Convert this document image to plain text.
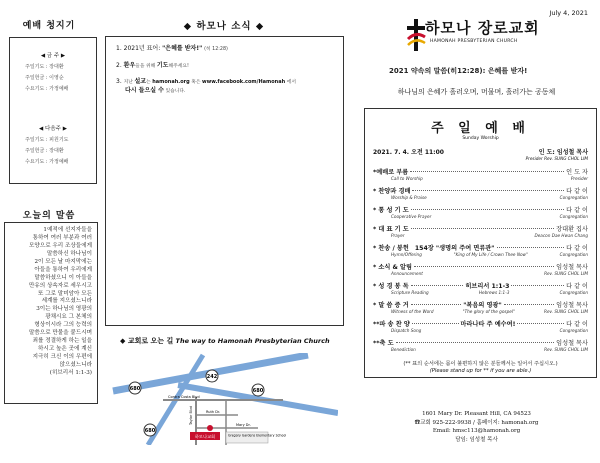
예배 청지기
◀ 금 주 ▶
주일기도 : 장대환
주일헌금 : 이영순
수요기도 : 가정예배
◀ 다음주 ▶
주일기도 : 피원기도
주일헌금 : 장대환
수요기도 : 가정예배
오늘의 말씀
1예적에 선지자들을
통하여 여러 부분과 여러
모양으로 우리 조상들에게
말씀하신 하나님이
2이 모든 날 마지막에는
아들을 통하여 우리에게
말씀하셨으니 이 아들을
만유의 상속자로 세우시고
또 그로 말미암아 모든
세계를 지으셨느니라
3이는 하나님의 영광의
광채시요 그 본체의
형상이시라 그의 능력의
말씀으로 만물을 붙드시며
죄를 정결하게 하는 일을
하시고 높은 곳에 계신
지극히 크신 이의 우편에
앉으셨느니라
(히브리서 1:1-3)
◆ 하모나 소식 ◆
1. 2021년 표어: "은혜를 받자!" (히 12:28)
2. 환우들을 위해 기도해주세요!
3. 지난 설교는 hamonah.org 혹은 www.facebook.com/Hamonah 에서
다시 들으실 수 있습니다.
◆ 교회로 오는 길 The way to Hamonah Presbyterian Church
680
242
680
680
Contra Costa Blvd
Taylor Blvd	Ruth Dr.
Mary Dr.
하모나교회	Gregory Gardens Elementary School
July 4, 2021
하모나 장로교회
HAMONAH PRESBYTERIAN CHURCH
2021 약속의 말씀(히12:28): 은혜를 받자!
하나님의 은혜가 흘러오며, 머물며, 흘러가는 공동체
주 일 예 배
Sunday Worship
2021. 7. 4. 오전 11:00	인 도: 임성철 목사
Presider Rev. SUNG CHOL LIM
*예배로 부름	인 도 자
Call to Worship	Presider
* 찬양과 경배	다 같 이
Worship & Praise	Congregation
* 통 성 기 도	다 같 이
Cooperative Prayer	Congregation
* 대 표 기 도	장대환 집사
Prayer	Deacon Dae Hwan Chang
* 찬송 / 봉헌 154장 "생명의 주여 면류관"	다 같 이
Hymn/Offering	"King of My Life / Crown Thee Now"	Congregation
* 소식 & 알림	임성철 목사
Announcement	Rev. SUNG CHOL LIM
* 성 경 봉 독	히브리서 1:1-3	다 같 이
Scripture Reading	Hebrews 1:1-3	Congregation
* 말 씀 증 거	"복음의 영광"	임성철 목사
Witness of the Word	"The glory of the gospel"	Rev. SUNG CHOL LIM
**파 송 찬 양	마라나타 주 예수여!	다 같 이
Dispatch Song	Congregation
**축 도	임성철 목사
Benediction	Rev. SUNG CHOL LIM
(** 표의 순서에는 몸이 불편하지 않은 분들께서는 일어서 주십시오.)
(Please stand up for ** if you are able.)
1601 Mary Dr. Pleasant Hill, CA 94523
☎교회 925-222-9938 / 홈페이지: hamonah.org
Email: hmsc113@hamonah.org
담임: 임성철 목사
